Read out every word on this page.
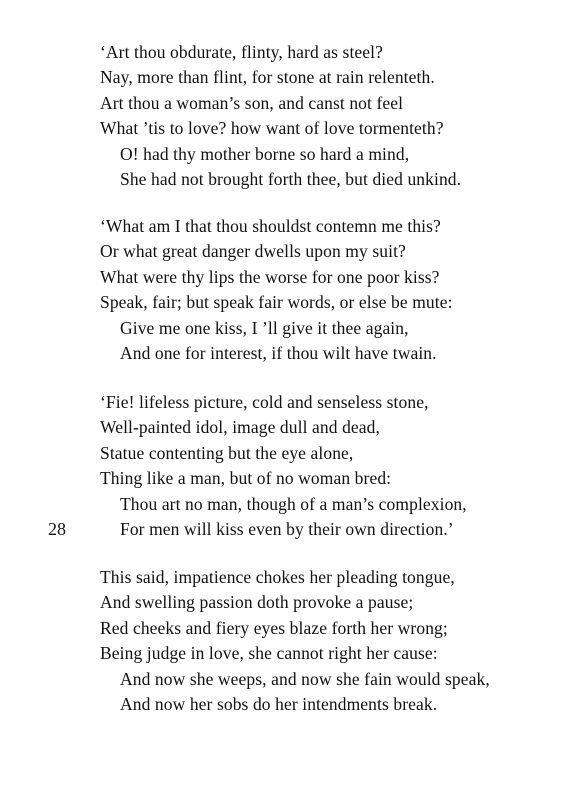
28
‘Art thou obdurate, flinty, hard as steel?
Nay, more than flint, for stone at rain relenteth.
Art thou a woman’s son, and canst not feel
What ’tis to love? how want of love tormenteth?
O! had thy mother borne so hard a mind,
She had not brought forth thee, but died unkind.
‘What am I that thou shouldst contemn me this?
Or what great danger dwells upon my suit?
What were thy lips the worse for one poor kiss?
Speak, fair; but speak fair words, or else be mute:
Give me one kiss, I ’ll give it thee again,
And one for interest, if thou wilt have twain.
‘Fie! lifeless picture, cold and senseless stone,
Well-painted idol, image dull and dead,
Statue contenting but the eye alone,
Thing like a man, but of no woman bred:
Thou art no man, though of a man’s complexion,
For men will kiss even by their own direction.’
This said, impatience chokes her pleading tongue,
And swelling passion doth provoke a pause;
Red cheeks and fiery eyes blaze forth her wrong;
Being judge in love, she cannot right her cause:
And now she weeps, and now she fain would speak,
And now her sobs do her intendments break.
